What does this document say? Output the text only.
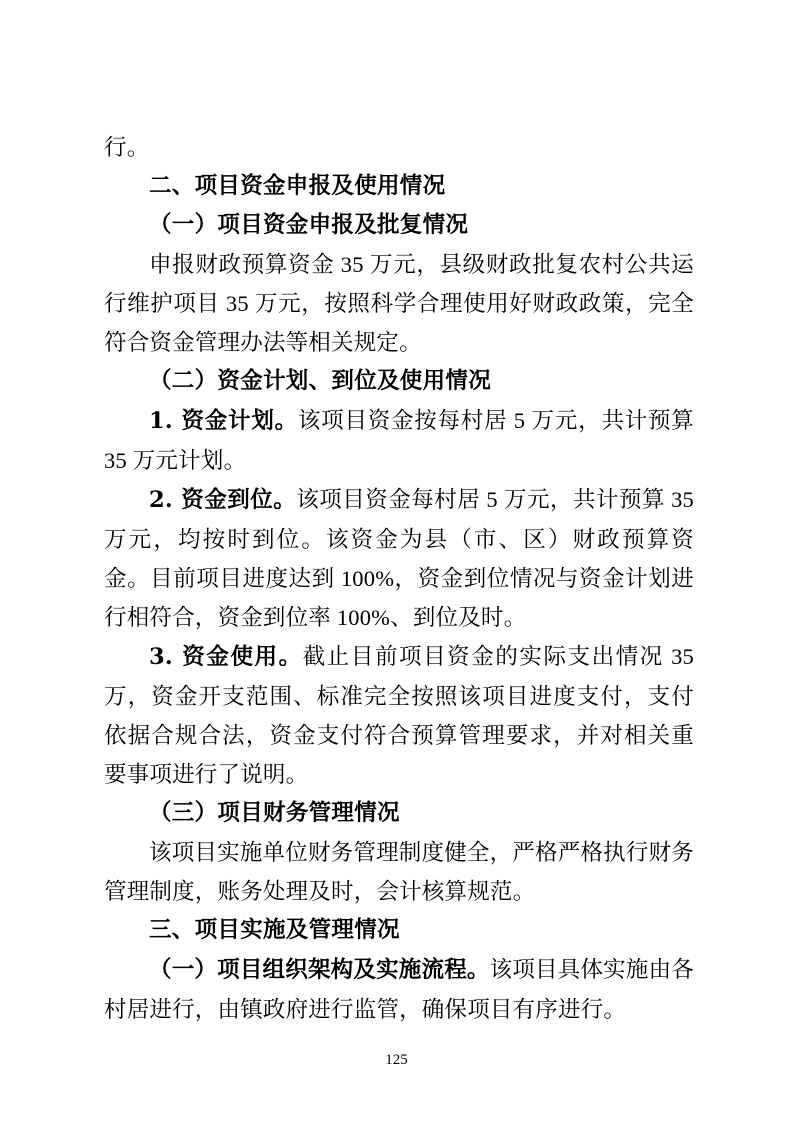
行。

二、项目资金申报及使用情况

（一）项目资金申报及批复情况

申报财政预算资金 35 万元，县级财政批复农村公共运行维护项目 35 万元，按照科学合理使用好财政政策，完全符合资金管理办法等相关规定。

（二）资金计划、到位及使用情况

1. 资金计划。该项目资金按每村居 5 万元，共计预算 35 万元计划。

2. 资金到位。该项目资金每村居 5 万元，共计预算 35 万元，均按时到位。该资金为县（市、区）财政预算资金。目前项目进度达到 100%，资金到位情况与资金计划进行相符合，资金到位率 100%、到位及时。

3. 资金使用。截止目前项目资金的实际支出情况 35 万，资金开支范围、标准完全按照该项目进度支付，支付依据合规合法，资金支付符合预算管理要求，并对相关重要事项进行了说明。

（三）项目财务管理情况

该项目实施单位财务管理制度健全，严格严格执行财务管理制度，账务处理及时，会计核算规范。

三、项目实施及管理情况

（一）项目组织架构及实施流程。该项目具体实施由各村居进行，由镇政府进行监管，确保项目有序进行。

125
